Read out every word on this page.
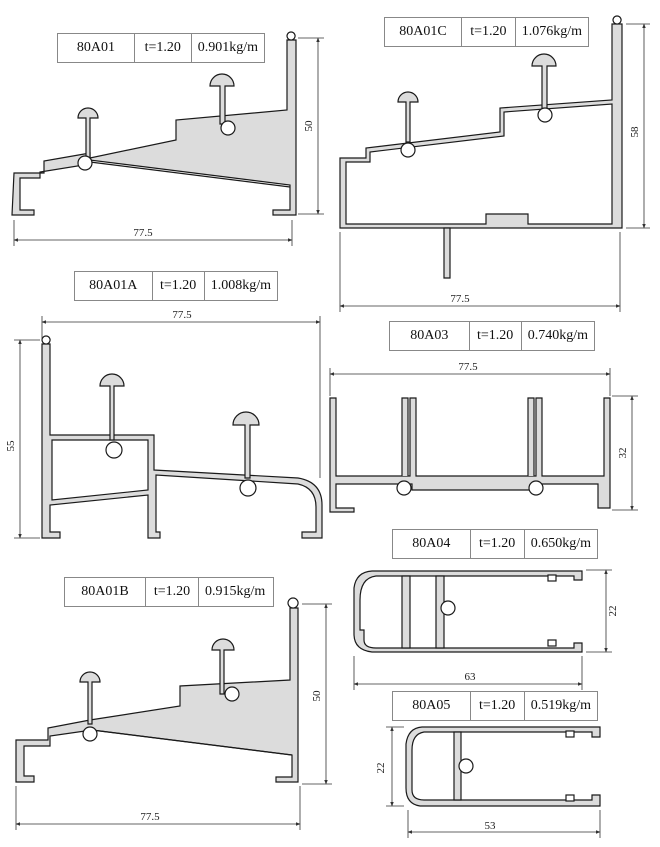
80A01	t=1.20	0.901kg/m
80A01C	t=1.20	1.076kg/m
80A01A	t=1.20	1.008kg/m
80A03	t=1.20	0.740kg/m
80A04	t=1.20	0.650kg/m
80A01B	t=1.20	0.915kg/m
80A05	t=1.20	0.519kg/m
77.5
50
77.5
58
77.5
55
77.5
32
63
22
77.5
50
53
22
